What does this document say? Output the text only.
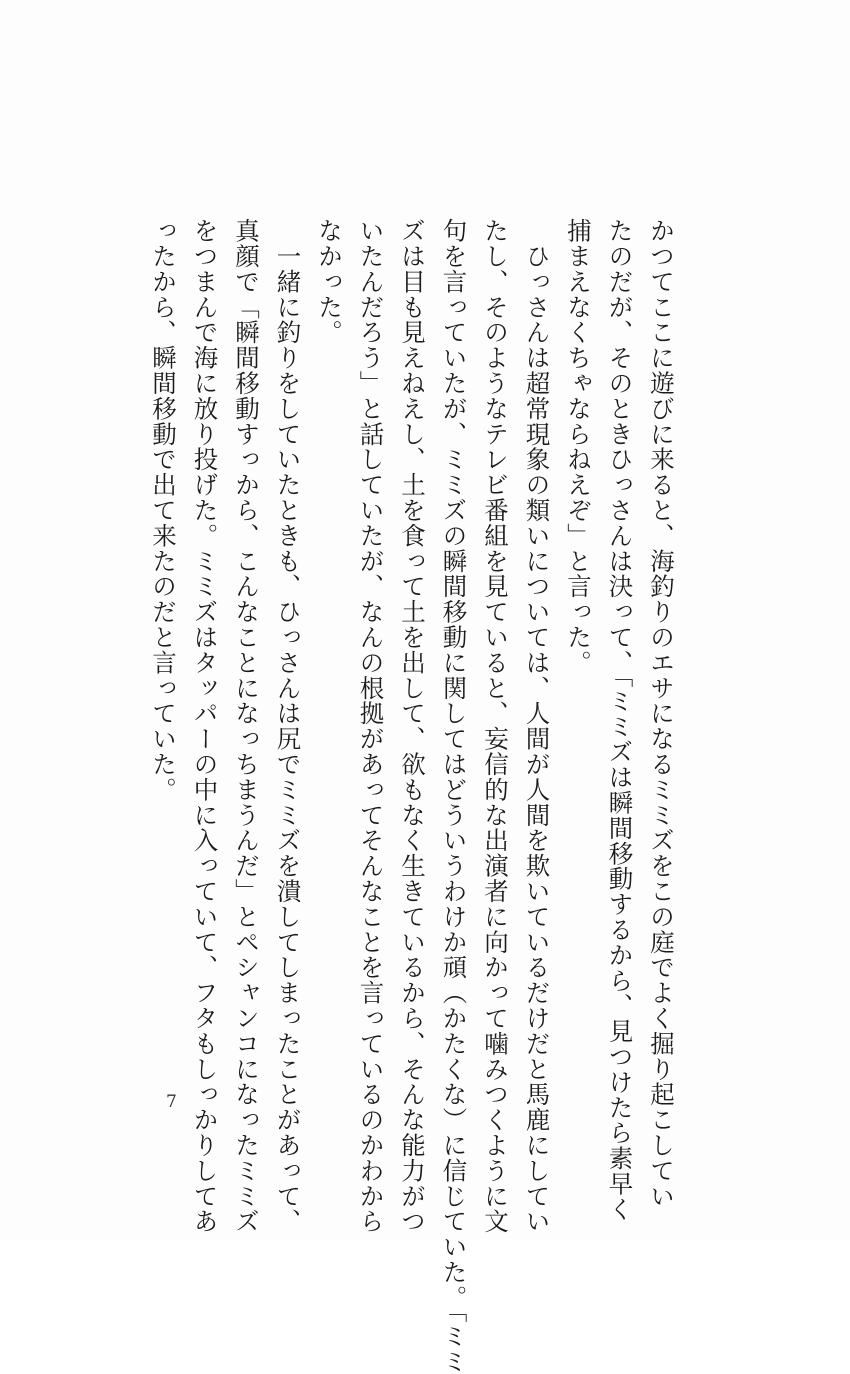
かつてここに遊びに来ると、海釣りのエサになるミミズをこの庭でよく掘り起こしてい
たのだが、そのときひっさんは決って、「ミミズは瞬間移動するから、見つけたら素早く
捕まえなくちゃならねえぞ」と言った。
　ひっさんは超常現象の類いについては、人間が人間を欺いているだけだと馬鹿にしてい
たし、そのようなテレビ番組を見ていると、妄信的な出演者に向かって噛みつくように文
句を言っていたが、ミミズの瞬間移動に関してはどういうわけか頑（かたくな）に信じていた。「ミミ
ズは目も見えねえし、土を食って土を出して、欲もなく生きているから、そんな能力がつ
いたんだろう」と話していたが、なんの根拠があってそんなことを言っているのかわから
なかった。
　一緒に釣りをしていたときも、ひっさんは尻でミミズを潰してしまったことがあって、
真顔で「瞬間移動すっから、こんなことになっちまうんだ」とペシャンコになったミミズ
をつまんで海に放り投げた。ミミズはタッパーの中に入っていて、フタもしっかりしてあ
ったから、瞬間移動で出て来たのだと言っていた。
7
